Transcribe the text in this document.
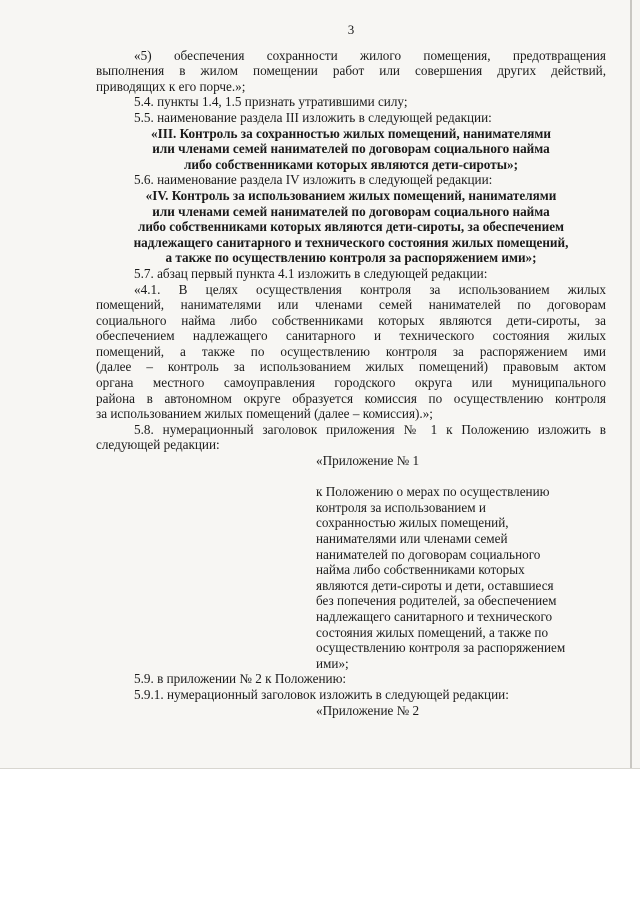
3

«5) обеспечения сохранности жилого помещения, предотвращения

выполнения в жилом помещении работ или совершения других действий,

приводящих к его порче.»;

5.4. пункты 1.4, 1.5 признать утратившими силу;

5.5. наименование раздела III изложить в следующей редакции:

«III. Контроль за сохранностью жилых помещений, нанимателями

или членами семей нанимателей по договорам социального найма

либо собственниками которых являются дети-сироты»;

5.6. наименование раздела IV изложить в следующей редакции:

«IV. Контроль за использованием жилых помещений, нанимателями

или членами семей нанимателей по договорам социального найма

либо собственниками которых являются дети-сироты, за обеспечением

надлежащего санитарного и технического состояния жилых помещений,

а также по осуществлению контроля за распоряжением ими»;

5.7. абзац первый пункта 4.1 изложить в следующей редакции:

«4.1. В целях осуществления контроля за использованием жилых

помещений, нанимателями или членами семей нанимателей по договорам

социального найма либо собственниками которых являются дети-сироты, за

обеспечением надлежащего санитарного и технического состояния жилых

помещений, а также по осуществлению контроля за распоряжением ими

(далее – контроль за использованием жилых помещений) правовым актом

органа местного самоуправления городского округа или муниципального

района в автономном округе образуется комиссия по осуществлению контроля

за использованием жилых помещений (далее – комиссия).»;

5.8. нумерационный заголовок приложения № 1 к Положению изложить в

следующей редакции:

«Приложение № 1

к Положению о мерах по осуществлению

контроля за использованием и

сохранностью жилых помещений,

нанимателями или членами семей

нанимателей по договорам социального

найма либо собственниками которых

являются дети-сироты и дети, оставшиеся

без попечения родителей, за обеспечением

надлежащего санитарного и технического

состояния жилых помещений, а также по

осуществлению контроля за распоряжением

ими»;

5.9. в приложении № 2 к Положению:

5.9.1. нумерационный заголовок изложить в следующей редакции:

«Приложение № 2
